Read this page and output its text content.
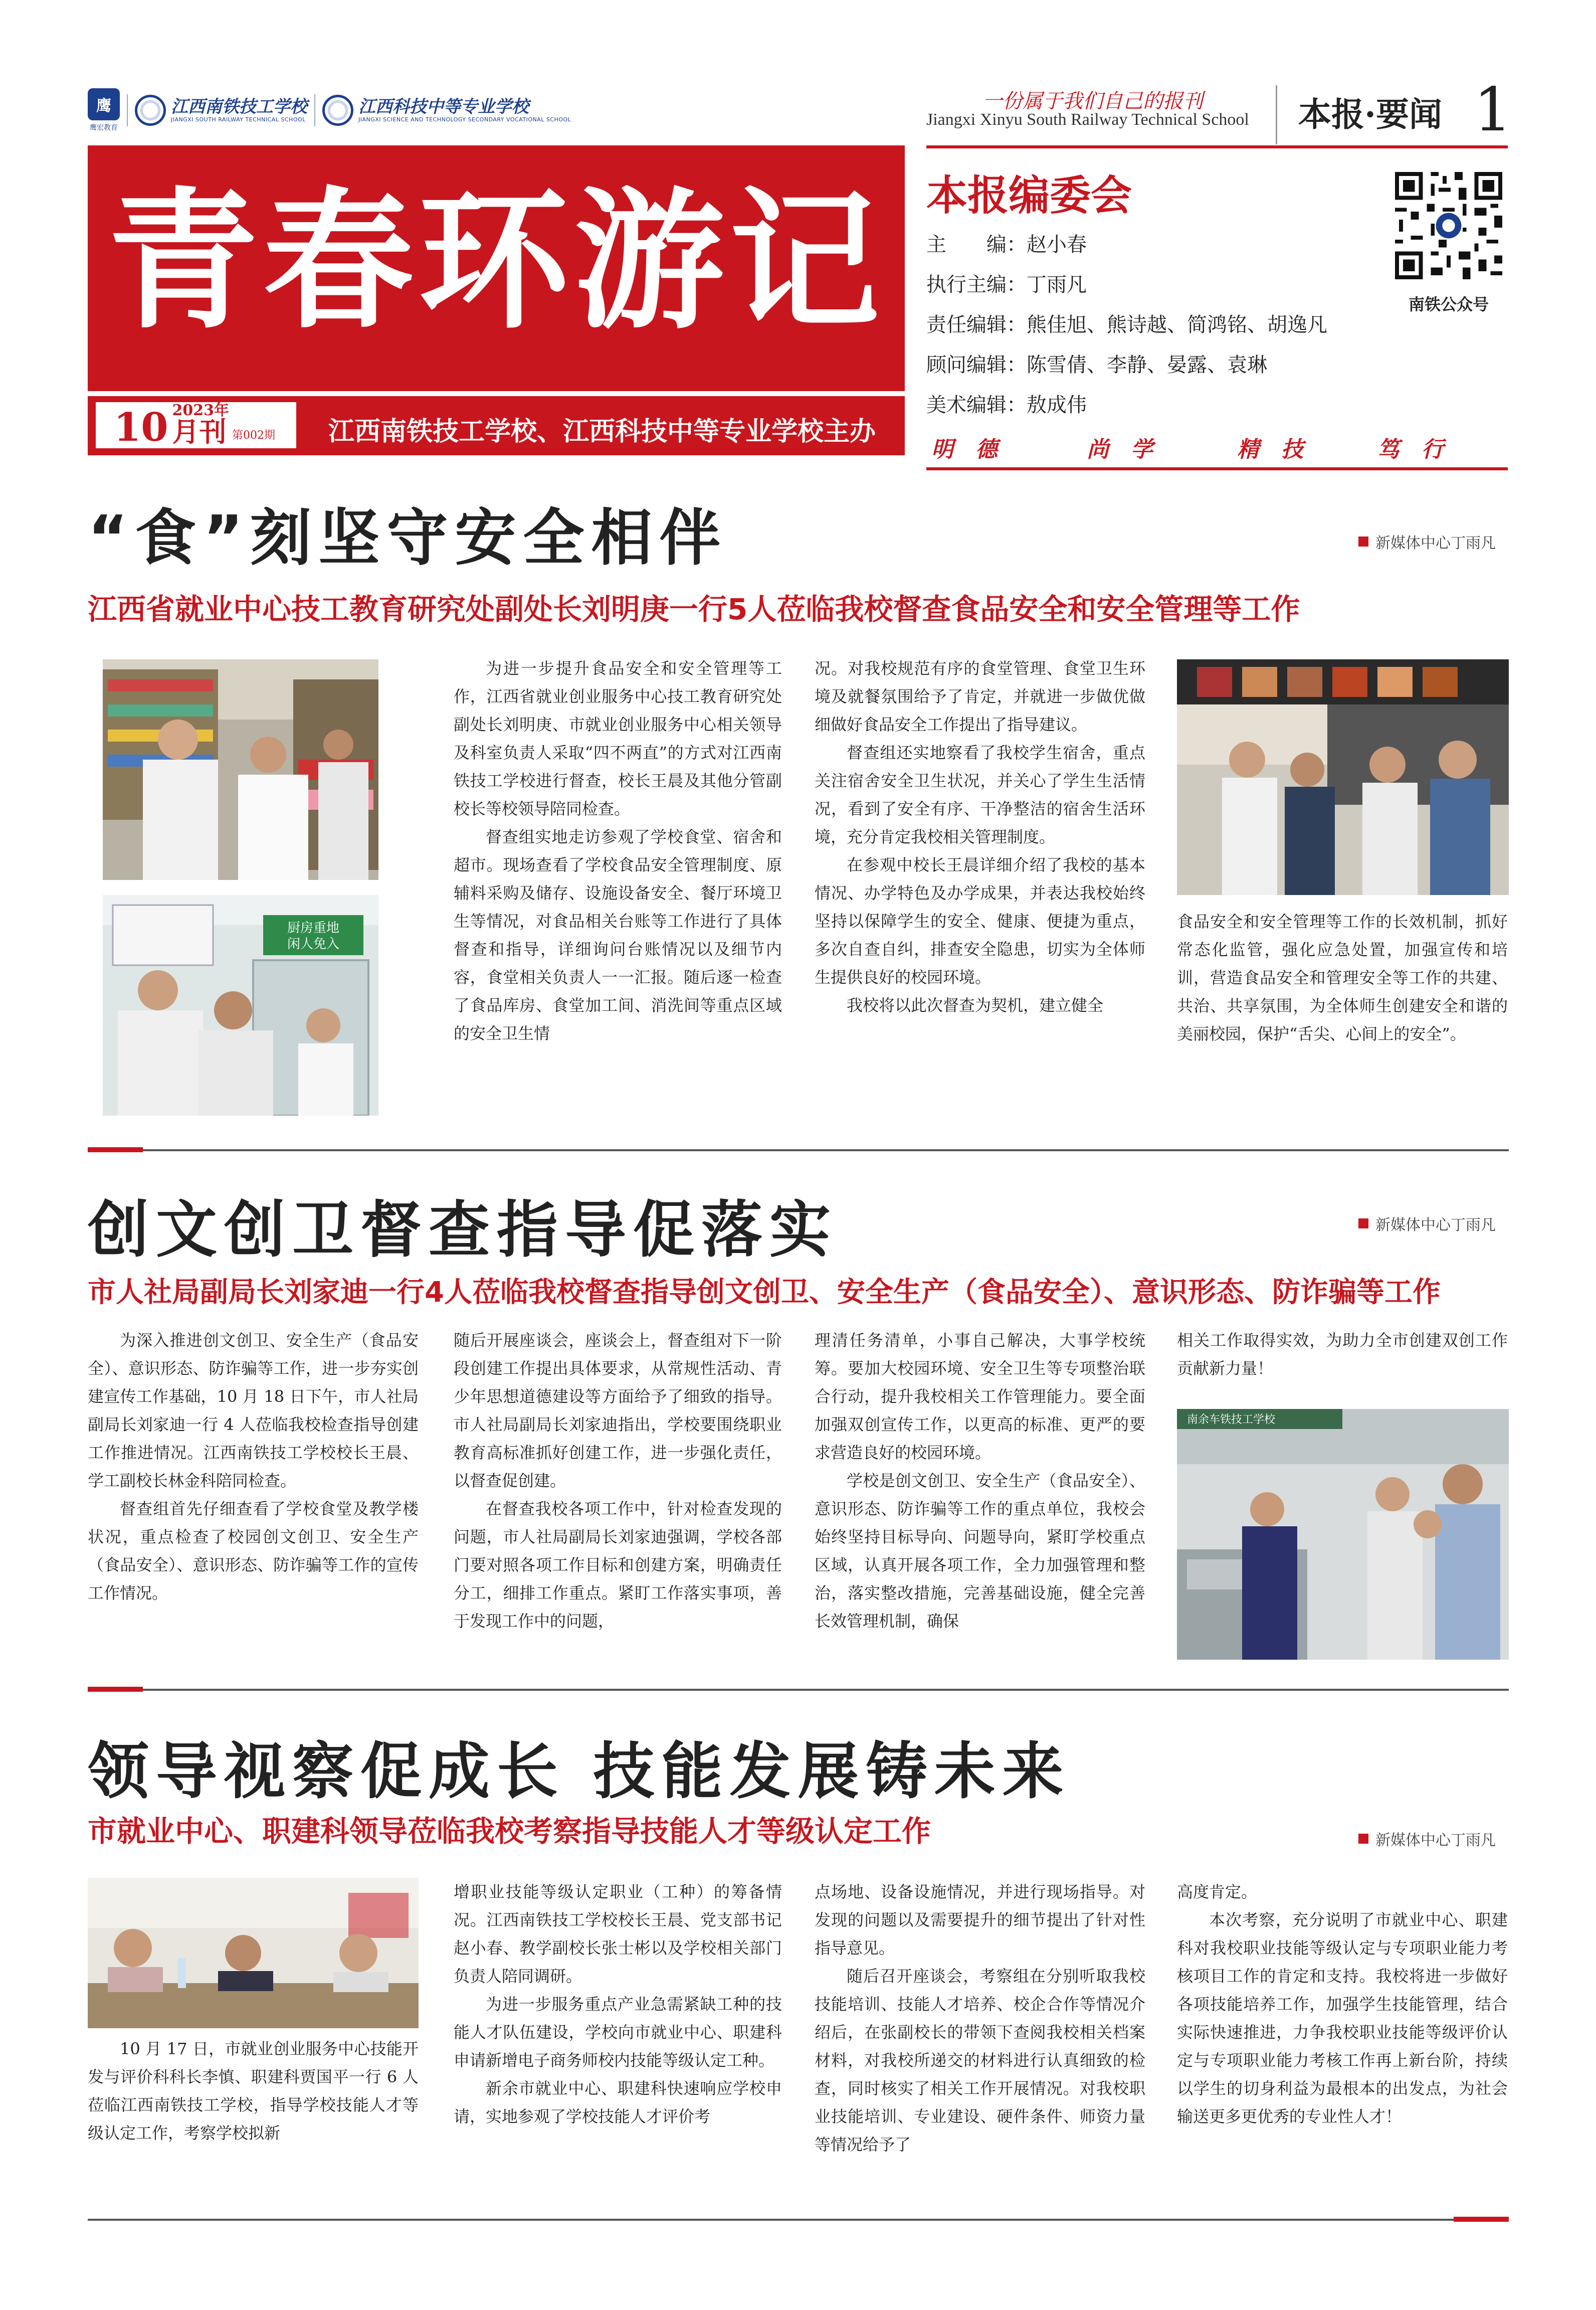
鹰
鹰宏教育
江西南铁技工学校
JIANGXI SOUTH RAILWAY TECHNICAL SCHOOL
江西科技中等专业学校
JIANGXI SCIENCE AND TECHNOLOGY SECONDARY VOCATIONAL SCHOOL
青春环游记
10 2023年
月刊 第002期 江西南铁技工学校、江西科技中等专业学校主办
一份属于我们自己的报刊
Jiangxi Xinyu South Railway Technical School 本报·要闻 1
本报编委会
主　　编：赵小春
执行主编：丁雨凡
责任编辑：熊佳旭、熊诗越、简鸿铭、胡逸凡
顾问编辑：陈雪倩、李静、晏露、袁琳
美术编辑：敖成伟
南铁公众号
明　德	尚　学	精　技	笃　行
“食”刻坚守安全相伴	新媒体中心丁雨凡
江西省就业中心技工教育研究处副处长刘明庚一行5人莅临我校督查食品安全和安全管理等工作
厨房重地
闲人免入

为进一步提升食品安全和安全管理等工作，江西省就业创业服务中心技工教育研究处副处长刘明庚、市就业创业服务中心相关领导及科室负责人采取“四不两直”的方式对江西南铁技工学校进行督查，校长王晨及其他分管副校长等校领导陪同检查。

督查组实地走访参观了学校食堂、宿舍和超市。现场查看了学校食品安全管理制度、原辅料采购及储存、设施设备安全、餐厅环境卫生等情况，对食品相关台账等工作进行了具体督查和指导，详细询问台账情况以及细节内容，食堂相关负责人一一汇报。随后逐一检查了食品库房、食堂加工间、消洗间等重点区域的安全卫生情

况。对我校规范有序的食堂管理、食堂卫生环境及就餐氛围给予了肯定，并就进一步做优做细做好食品安全工作提出了指导建议。

督查组还实地察看了我校学生宿舍，重点关注宿舍安全卫生状况，并关心了学生生活情况，看到了安全有序、干净整洁的宿舍生活环境，充分肯定我校相关管理制度。

在参观中校长王晨详细介绍了我校的基本情况、办学特色及办学成果，并表达我校始终坚持以保障学生的安全、健康、便捷为重点，多次自查自纠，排查安全隐患，切实为全体师生提供良好的校园环境。

我校将以此次督查为契机，建立健全

食品安全和安全管理等工作的长效机制，抓好常态化监管，强化应急处置，加强宣传和培训，营造食品安全和管理安全等工作的共建、共治、共享氛围，为全体师生创建安全和谐的美丽校园，保护“舌尖、心间上的安全”。

创文创卫督查指导促落实	新媒体中心丁雨凡
市人社局副局长刘家迪一行4人莅临我校督查指导创文创卫、安全生产（食品安全）、意识形态、防诈骗等工作

为深入推进创文创卫、安全生产（食品安全）、意识形态、防诈骗等工作，进一步夯实创建宣传工作基础，10 月 18 日下午，市人社局副局长刘家迪一行 4 人莅临我校检查指导创建工作推进情况。江西南铁技工学校校长王晨、学工副校长林金科陪同检查。

督查组首先仔细查看了学校食堂及教学楼状况，重点检查了校园创文创卫、安全生产（食品安全）、意识形态、防诈骗等工作的宣传工作情况。

随后开展座谈会，座谈会上，督查组对下一阶段创建工作提出具体要求，从常规性活动、青少年思想道德建设等方面给予了细致的指导。市人社局副局长刘家迪指出，学校要围绕职业教育高标准抓好创建工作，进一步强化责任，以督查促创建。

在督查我校各项工作中，针对检查发现的问题，市人社局副局长刘家迪强调，学校各部门要对照各项工作目标和创建方案，明确责任分工，细排工作重点。紧盯工作落实事项，善于发现工作中的问题，

理清任务清单，小事自己解决，大事学校统筹。要加大校园环境、安全卫生等专项整治联合行动，提升我校相关工作管理能力。要全面加强双创宣传工作，以更高的标准、更严的要求营造良好的校园环境。

学校是创文创卫、安全生产（食品安全）、意识形态、防诈骗等工作的重点单位，我校会始终坚持目标导向、问题导向，紧盯学校重点区域，认真开展各项工作，全力加强管理和整治，落实整改措施，完善基础设施，健全完善长效管理机制，确保

相关工作取得实效，为助力全市创建双创工作贡献新力量！

南余车铁技工学校
领导视察促成长 技能发展铸未来
市就业中心、职建科领导莅临我校考察指导技能人才等级认定工作	新媒体中心丁雨凡

10 月 17 日，市就业创业服务中心技能开发与评价科科长李慎、职建科贾国平一行 6 人莅临江西南铁技工学校，指导学校技能人才等级认定工作，考察学校拟新

增职业技能等级认定职业（工种）的筹备情况。江西南铁技工学校校长王晨、党支部书记赵小春、教学副校长张士彬以及学校相关部门负责人陪同调研。

为进一步服务重点产业急需紧缺工种的技能人才队伍建设，学校向市就业中心、职建科申请新增电子商务师校内技能等级认定工种。

新余市就业中心、职建科快速响应学校申请，实地参观了学校技能人才评价考

点场地、设备设施情况，并进行现场指导。对发现的问题以及需要提升的细节提出了针对性指导意见。

随后召开座谈会，考察组在分别听取我校技能培训、技能人才培养、校企合作等情况介绍后，在张副校长的带领下查阅我校相关档案材料，对我校所递交的材料进行认真细致的检查，同时核实了相关工作开展情况。对我校职业技能培训、专业建设、硬件条件、师资力量等情况给予了

高度肯定。

本次考察，充分说明了市就业中心、职建科对我校职业技能等级认定与专项职业能力考核项目工作的肯定和支持。我校将进一步做好各项技能培养工作，加强学生技能管理，结合实际快速推进，力争我校职业技能等级评价认定与专项职业能力考核工作再上新台阶，持续以学生的切身利益为最根本的出发点，为社会输送更多更优秀的专业性人才！
